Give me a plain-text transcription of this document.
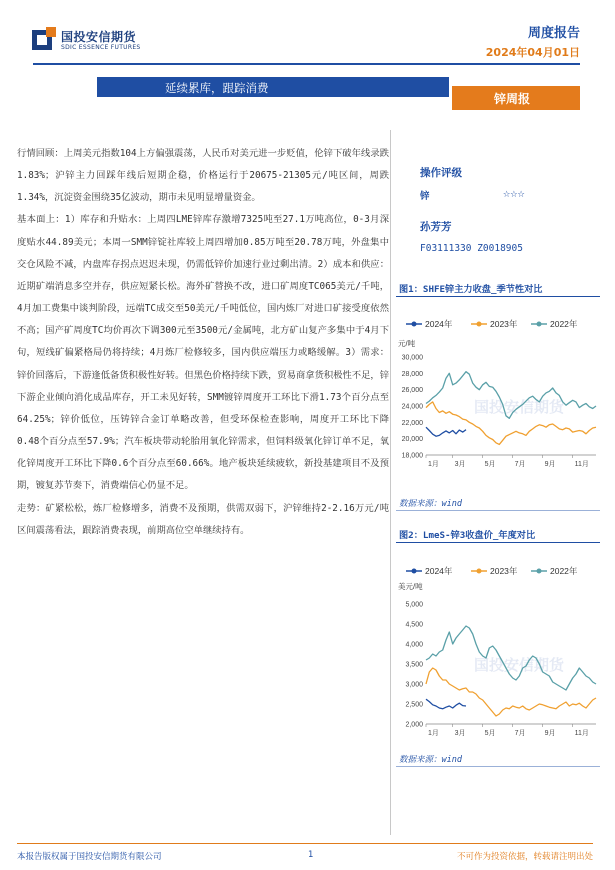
国投安信期货
SDIC ESSENCE FUTURES
周度报告
2024年04月01日
延续累库，跟踪消费
锌周报

行情回顾：上周美元指数104上方偏强震荡，人民币对美元进一步贬值，伦锌下破年线录跌1.83%；沪锌主力回踩年线后短期企稳，价格运行于20675-21305元/吨区间，周跌1.34%，沉淀资金围绕35亿波动，期市未见明显增量资金。

基本面上：1）库存和升贴水：上周四LME锌库存激增7325吨至27.1万吨高位，0-3月深度贴水44.89美元；本周一SMM锌锭社库较上周四增加0.85万吨至20.78万吨，外盘集中交仓风险不减，内盘库存拐点迟迟未现，仍需低锌价加速行业过剩出清。2）成本和供应：近期矿端消息多空并存，供应短紧长松。海外矿替换不改，进口矿周度TC065美元/千吨，4月加工费集中谈判阶段，远端TC成交至50美元/千吨低位，国内炼厂对进口矿接受度依然不高；国产矿周度TC均价再次下调300元至3500元/金属吨，北方矿山复产多集中于4月下旬，短线矿偏紧格局仍将持续；4月炼厂检修较多，国内供应端压力或略缓解。3）需求：锌价回落后，下游逢低备货积极性好转。但黑色价格持续下跌，贸易商拿货积极性不足，锌下游企业倾向消化成品库存，开工未见好转，SMM镀锌周度开工环比下滑1.73个百分点至64.25%；锌价低位，压铸锌合金订单略改善，但受环保检查影响，周度开工环比下降0.48个百分点至57.9%；汽车板块带动轮胎用氧化锌需求，但饲料级氧化锌订单不足，氧化锌周度开工环比下降0.6个百分点至60.66%。地产板块延续疲软，新投基建项目不及预期，镀复苏节奏下，消费端信心仍显不足。

走势：矿紧松松，炼厂检修增多，消费不及预期，供需双弱下，沪锌维持2-2.16万元/吨区间震荡看法，跟踪消费表现，前期高位空单继续持有。

操作评级
锌	☆☆☆
孙芳芳
F03111330 Z0018905
图1：SHFE锌主力收盘_季节性对比
2024年	2023年	2022年
元/吨
国投安信期货
18,000
20,000
22,000
24,000
26,000
28,000
30,000
1月 3月	5月	7月	9月	11月
数据来源：wind
图2：LmeS-锌3收盘价_年度对比
2024年	2023年	2022年
美元/吨
国投安信期货
2,000
2,500
3,000
3,500
4,000
4,500
5,000
1月 3月	5月	7月	9月	11月
数据来源：wind
本报告版权属于国投安信期货有限公司	1	不可作为投资依据，转载请注明出处
